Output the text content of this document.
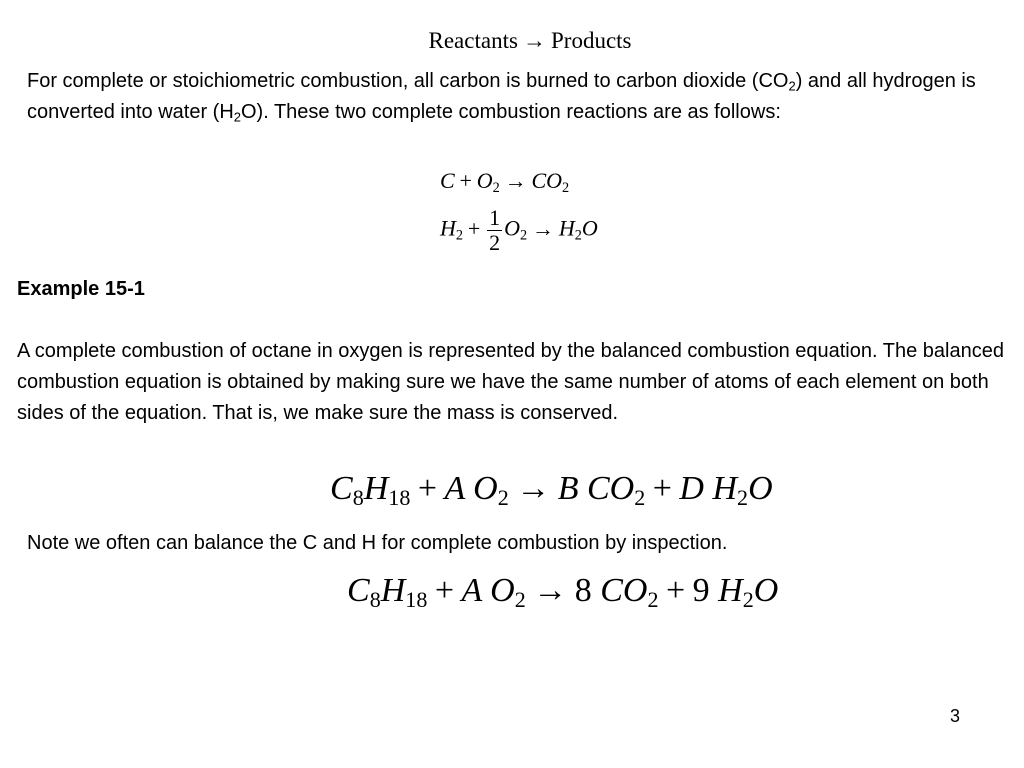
Reactants → Products
For complete or stoichiometric combustion, all carbon is burned to carbon dioxide $(CO_2)$ and all hydrogen is converted into water $(H_2O)$. These two complete combustion reactions are as follows:
$C + O_2 \to CO_2$
$H_2 + \frac{1}{2} O_2 \to H_2O$
Example 15-1
A complete combustion of octane in oxygen is represented by the balanced combustion equation. The balanced combustion equation is obtained by making sure we have the same number of atoms of each element on both sides of the equation. That is, we make sure the mass is conserved.
$C_8H_{18} + A$ $O_2 \to B$ $CO_2 + D$ $H_2O$
Note we often can balance the C and H for complete combustion by inspection.
$C_8H_{18} + A$ $O_2 \to 8$ $CO_2 + 9$ $H_2O$
3
